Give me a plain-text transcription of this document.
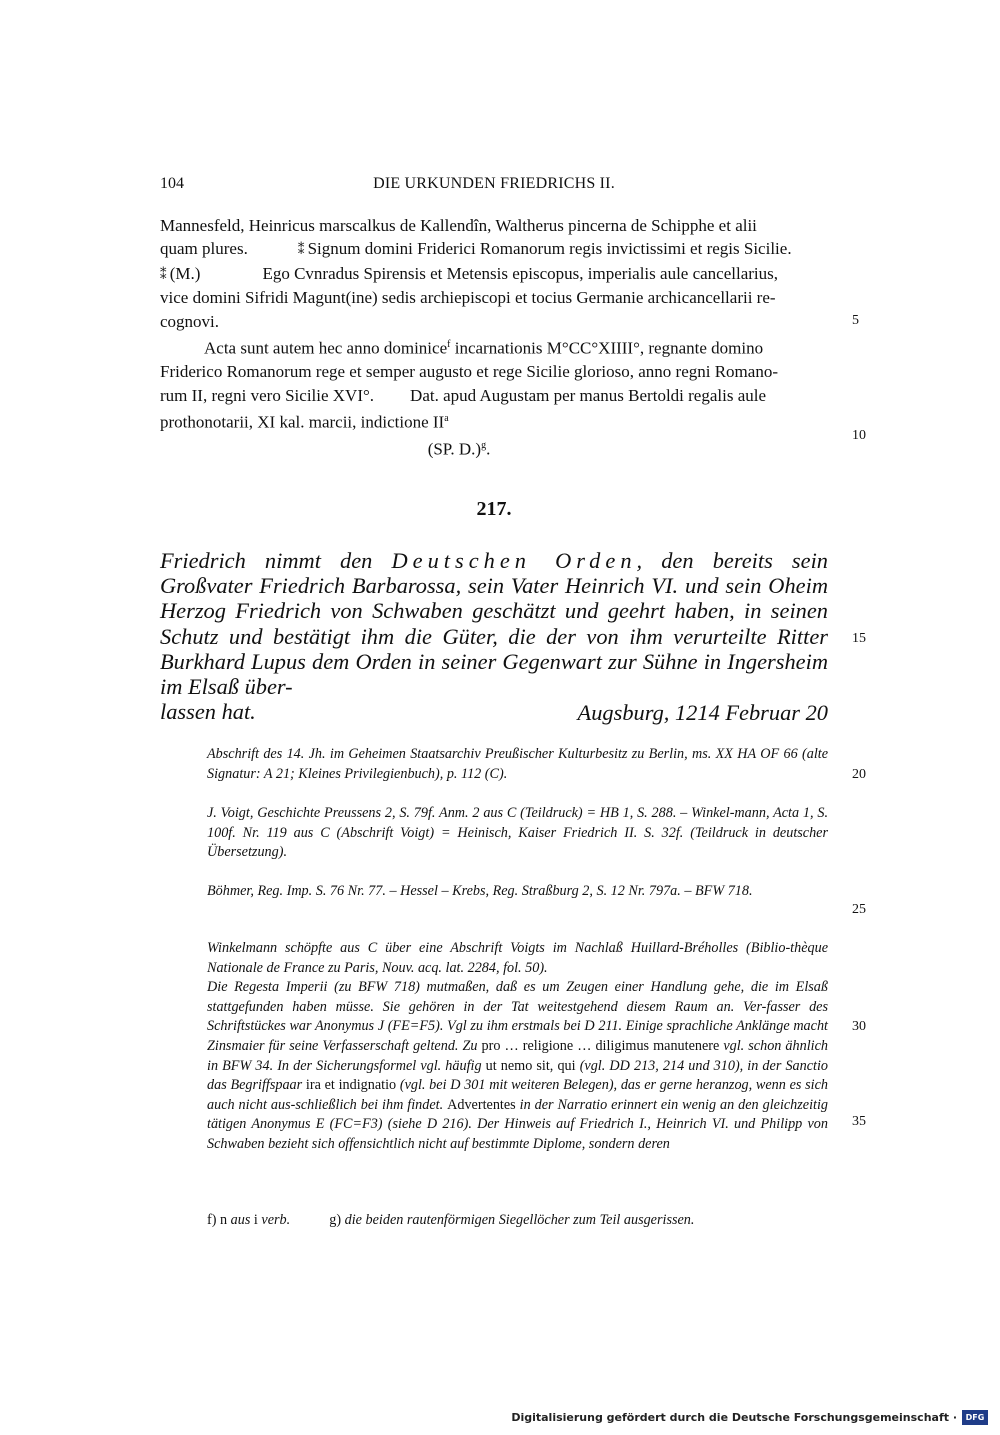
104	DIE URKUNDEN FRIEDRICHS II.

Mannesfeld, Heinricus marscalkus de Kallendîn, Waltherus pincerna de Schipphe et alii

quam plures.	⁑ Signum domini Friderici Romanorum regis invictissimi et regis Sicilie.

⁑ (M.)	Ego Cvnradus Spirensis et Metensis episcopus, imperialis aule cancellarius,

vice domini Sifridi Magunt(ine) sedis archiepiscopi et tocius Germanie archicancellarii re-

cognovi.

Acta sunt autem hec anno dominice$^f$ incarnationis M°CC°XIIII°, regnante domino

Friderico Romanorum rege et semper augusto et rege Sicilie glorioso, anno regni Romano-

rum II, regni vero Sicilie XVI°. Dat. apud Augustam per manus Bertoldi regalis aule

prothonotarii, XI kal. marcii, indictione $II^a$

(SP. D.)$^g$.

5
10
15
20
25
30
35
217.
Friedrich nimmt den Deutschen Orden, den bereits sein Großvater Friedrich Barbarossa, sein Vater Heinrich VI. und sein Oheim Herzog Friedrich von Schwaben geschätzt und geehrt haben, in seinen Schutz und bestätigt ihm die Güter, die der von ihm verurteilte Ritter Burkhard Lupus dem Orden in seiner Gegenwart zur Sühne in Ingersheim im Elsaß über-
lassen hat.	Augsburg, 1214 Februar 20
Abschrift des 14. Jh. im Geheimen Staatsarchiv Preußischer Kulturbesitz zu Berlin, ms. XX HA OF 66 (alte Signatur: A 21; Kleines Privilegienbuch), p. 112 (C).
J. Voigt, Geschichte Preussens 2, S. 79f. Anm. 2 aus C (Teildruck) = HB 1, S. 288. – Winkel-mann, Acta 1, S. 100f. Nr. 119 aus C (Abschrift Voigt) = Heinisch, Kaiser Friedrich II. S. 32f. (Teildruck in deutscher Übersetzung).
Böhmer, Reg. Imp. S. 76 Nr. 77. – Hessel – Krebs, Reg. Straßburg 2, S. 12 Nr. 797a. – BFW 718.

Winkelmann schöpfte aus C über eine Abschrift Voigts im Nachlaß Huillard-Bréholles (Biblio-thèque Nationale de France zu Paris, Nouv. acq. lat. 2284, fol. 50).

Die Regesta Imperii (zu BFW 718) mutmaßen, daß es um Zeugen einer Handlung gehe, die im Elsaß stattgefunden haben müsse. Sie gehören in der Tat weitestgehend diesem Raum an. Ver-fasser des Schriftstückes war Anonymus J (FE=F5). Vgl zu ihm erstmals bei D 211. Einige sprachliche Anklänge macht Zinsmaier für seine Verfasserschaft geltend. Zu pro … religione … diligimus manutenere vgl. schon ähnlich in BFW 34. In der Sicherungsformel vgl. häufig ut nemo sit, qui (vgl. DD 213, 214 und 310), in der Sanctio das Begriffspaar ira et indignatio (vgl. bei D 301 mit weiteren Belegen), das er gerne heranzog, wenn es sich auch nicht aus-schließlich bei ihm findet. Advertentes in der Narratio erinnert ein wenig an den gleichzeitig tätigen Anonymus E (FC=F3) (siehe D 216). Der Hinweis auf Friedrich I., Heinrich VI. und Philipp von Schwaben bezieht sich offensichtlich nicht auf bestimmte Diplome, sondern deren

f) n aus i verb.	g) die beiden rautenförmigen Siegellöcher zum Teil ausgerissen.
Digitalisierung gefördert durch die Deutsche Forschungsgemeinschaft ·	DFG
